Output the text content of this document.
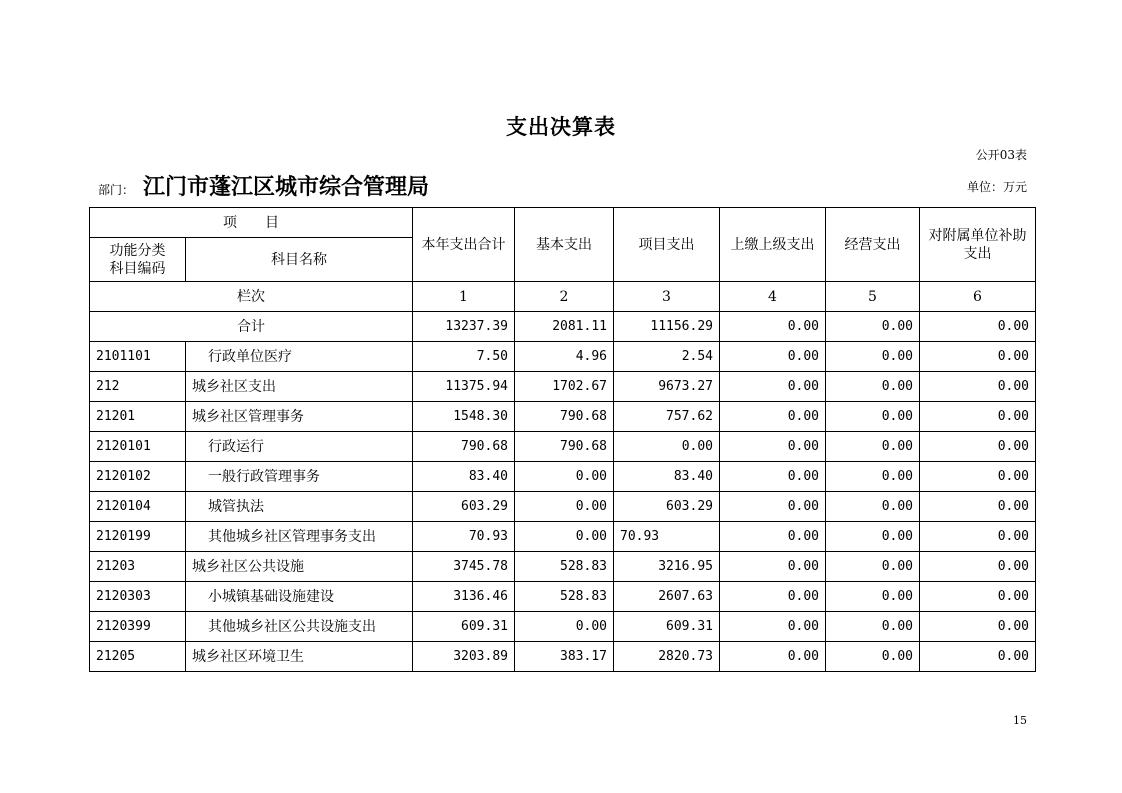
支出决算表
公开03表
部门： 江门市蓬江区城市综合管理局	单位：万元
项　　目		本年支出合计	基本支出	项目支出	上缴上级支出	经营支出	对附属单位补助支出
功能分类科目编码	科目名称						
栏次		1	2	3	4	5	6
合计		13237.39	2081.11	11156.29	0.00	0.00	0.00
2101101	行政单位医疗	7.50	4.96	2.54	0.00	0.00	0.00
212	城乡社区支出	11375.94	1702.67	9673.27	0.00	0.00	0.00
21201	城乡社区管理事务	1548.30	790.68	757.62	0.00	0.00	0.00
2120101	行政运行	790.68	790.68	0.00	0.00	0.00	0.00
2120102	一般行政管理事务	83.40	0.00	83.40	0.00	0.00	0.00
2120104	城管执法	603.29	0.00	603.29	0.00	0.00	0.00
2120199	其他城乡社区管理事务支出	70.93	0.00	70.93	0.00	0.00	0.00
21203	城乡社区公共设施	3745.78	528.83	3216.95	0.00	0.00	0.00
2120303	小城镇基础设施建设	3136.46	528.83	2607.63	0.00	0.00	0.00
2120399	其他城乡社区公共设施支出	609.31	0.00	609.31	0.00	0.00	0.00
21205	城乡社区环境卫生	3203.89	383.17	2820.73	0.00	0.00	0.00
15
